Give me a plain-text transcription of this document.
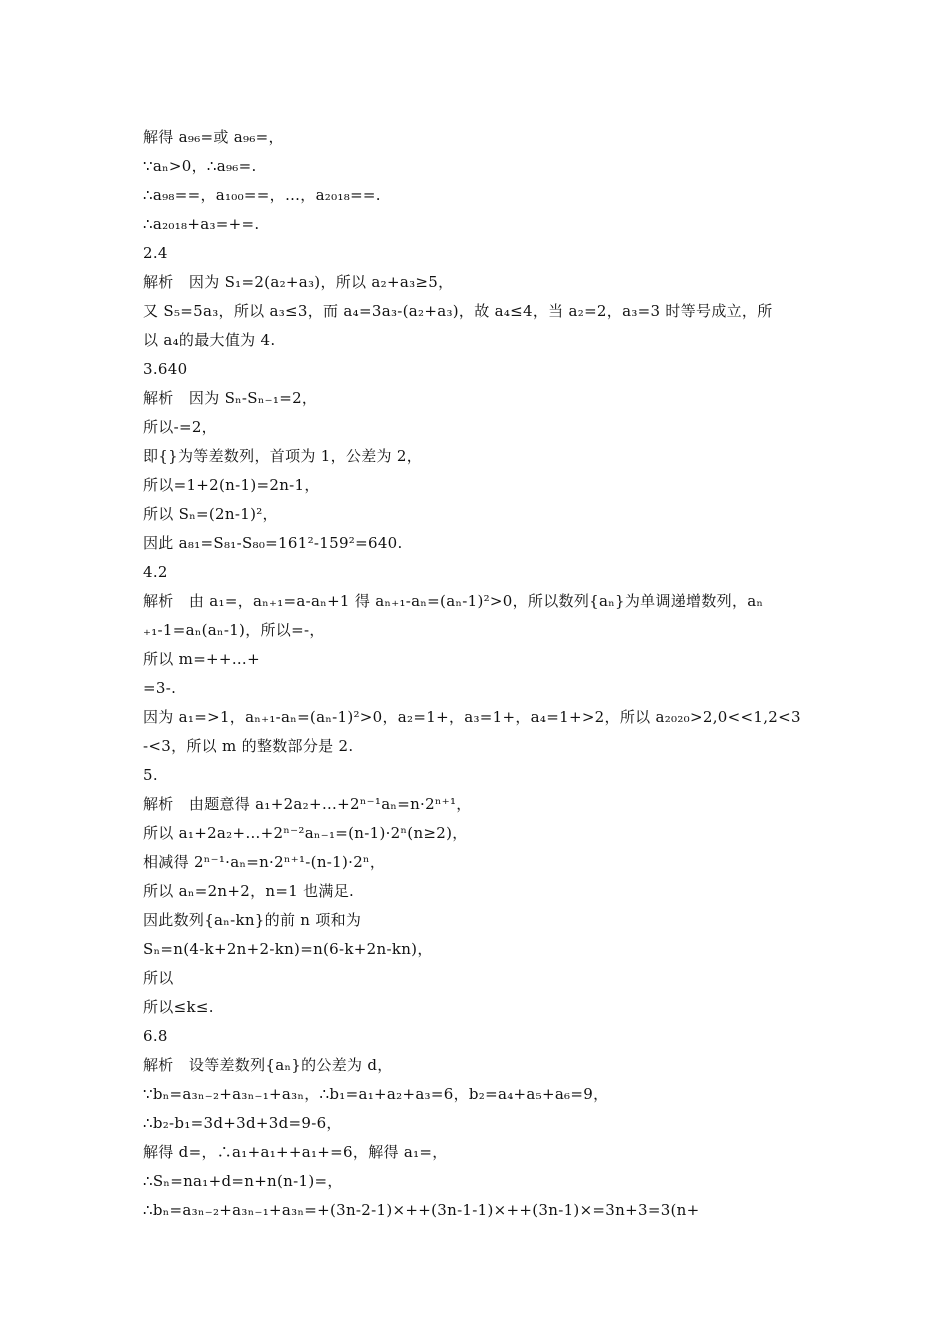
解得 a₉₆=或 a₉₆=，
∵aₙ>0，∴a₉₆=.
∴a₉₈==，a₁₀₀==，…，a₂₀₁₈==.
∴a₂₀₁₈+a₃=+=.
2.4
解析　因为 S₁=2(a₂+a₃)，所以 a₂+a₃≥5，
又 S₅=5a₃，所以 a₃≤3，而 a₄=3a₃-(a₂+a₃)，故 a₄≤4，当 a₂=2，a₃=3 时等号成立，所
以 a₄的最大值为 4.
3.640
解析　因为 Sₙ-Sₙ₋₁=2，
所以-=2，
即{}为等差数列，首项为 1，公差为 2，
所以=1+2(n-1)=2n-1，
所以 Sₙ=(2n-1)²，
因此 a₈₁=S₈₁-S₈₀=161²-159²=640.
4.2
解析　由 a₁=，aₙ₊₁=a-aₙ+1 得 aₙ₊₁-aₙ=(aₙ-1)²>0，所以数列{aₙ}为单调递增数列，aₙ
₊₁-1=aₙ(aₙ-1)，所以=-，
所以 m=++…+
=3-.
因为 a₁=>1，aₙ₊₁-aₙ=(aₙ-1)²>0，a₂=1+，a₃=1+，a₄=1+>2，所以 a₂₀₂₀>2,0<<1,2<3
-<3，所以 m 的整数部分是 2.
5.
解析　由题意得 a₁+2a₂+…+2ⁿ⁻¹aₙ=n·2ⁿ⁺¹，
所以 a₁+2a₂+…+2ⁿ⁻²aₙ₋₁=(n-1)·2ⁿ(n≥2)，
相减得 2ⁿ⁻¹·aₙ=n·2ⁿ⁺¹-(n-1)·2ⁿ，
所以 aₙ=2n+2，n=1 也满足.
因此数列{aₙ-kn}的前 n 项和为
Sₙ=n(4-k+2n+2-kn)=n(6-k+2n-kn)，
所以
所以≤k≤.
6.8
解析　设等差数列{aₙ}的公差为 d，
∵bₙ=a₃ₙ₋₂+a₃ₙ₋₁+a₃ₙ，∴b₁=a₁+a₂+a₃=6，b₂=a₄+a₅+a₆=9，
∴b₂-b₁=3d+3d+3d=9-6，
解得 d=，∴a₁+a₁++a₁+=6，解得 a₁=，
∴Sₙ=na₁+d=n+n(n-1)=，
∴bₙ=a₃ₙ₋₂+a₃ₙ₋₁+a₃ₙ=+(3n-2-1)×++(3n-1-1)×++(3n-1)×=3n+3=3(n+
